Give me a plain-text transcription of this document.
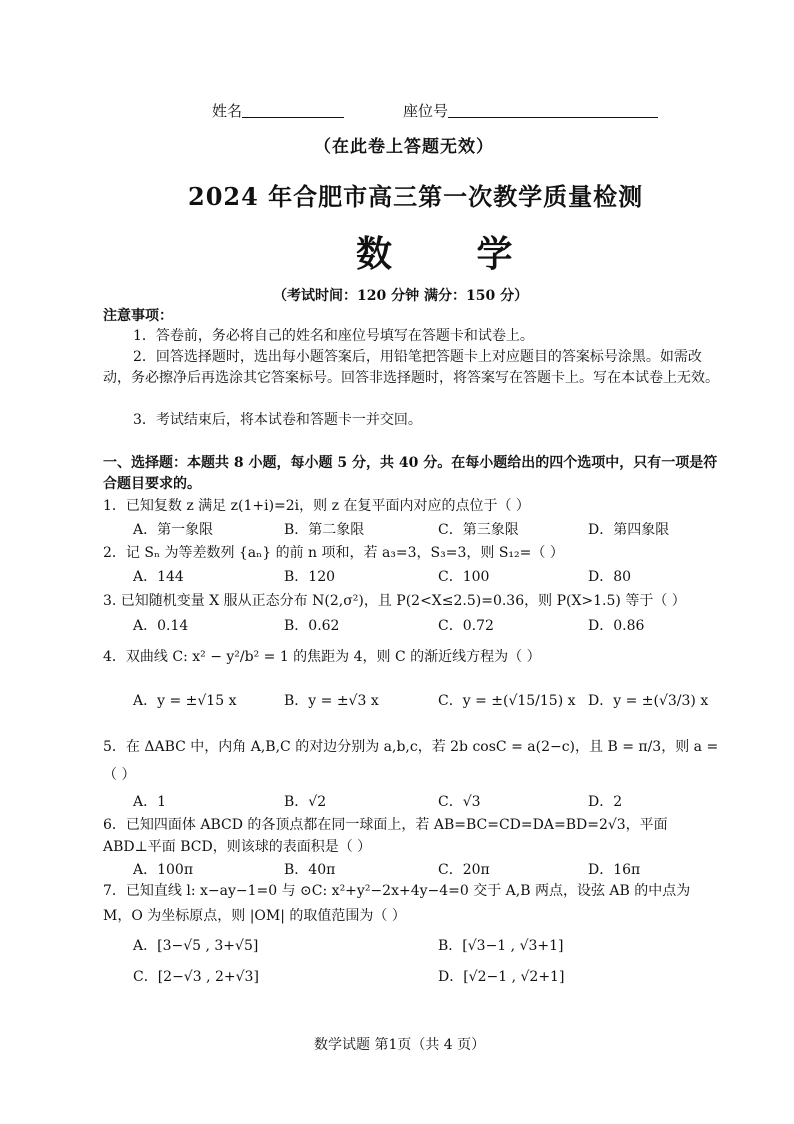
姓名	座位号
（在此卷上答题无效）
2024 年合肥市高三第一次教学质量检测
数 学
（考试时间：120 分钟 满分：150 分）
注意事项：
1．答卷前，务必将自己的姓名和座位号填写在答题卡和试卷上。
2．回答选择题时，选出每小题答案后，用铅笔把答题卡上对应题目的答案标号涂黑。如需改动，务必擦净后再选涂其它答案标号。回答非选择题时，将答案写在答题卡上。写在本试卷上无效。
3．考试结束后，将本试卷和答题卡一并交回。
一、选择题：本题共 8 小题，每小题 5 分，共 40 分。在每小题给出的四个选项中，只有一项是符合题目要求的。
1．已知复数 z 满足 z(1+i)=2i，则 z 在复平面内对应的点位于（ ）
A．第一象限	B．第二象限	C．第三象限	D．第四象限
2．记 Sₙ 为等差数列 {aₙ} 的前 n 项和，若 a₃=3，S₃=3，则 S₁₂=（ ）
A．144	B．120	C．100	D．80
3. 已知随机变量 X 服从正态分布 N(2,σ²)，且 P(2<X≤2.5)=0.36，则 P(X>1.5) 等于（ ）
A．0.14	B．0.62	C．0.72	D．0.86
4．双曲线 C: x² − y²/b² = 1 的焦距为 4，则 C 的渐近线方程为（ ）
A．y = ±√15 x	B．y = ±√3 x	C．y = ±(√15/15) x D．y = ±(√3/3) x
5．在 ΔABC 中，内角 A,B,C 的对边分别为 a,b,c，若 2b cosC = a(2−c)，且 B = π/3，则 a =
（ ）
A．1	B．√2	C．√3	D．2
6．已知四面体 ABCD 的各顶点都在同一球面上，若 AB=BC=CD=DA=BD=2√3，平面
ABD⊥平面 BCD，则该球的表面积是（ ）
A．100π	B．40π	C．20π	D．16π
7．已知直线 l: x−ay−1=0 与 ⊙C: x²+y²−2x+4y−4=0 交于 A,B 两点，设弦 AB 的中点为
M，O 为坐标原点，则 |OM| 的取值范围为（ ）
A．[3−√5 , 3+√5]	B．[√3−1 , √3+1]
C．[2−√3 , 2+√3]	D．[√2−1 , √2+1]
数学试题 第1页（共 4 页）
